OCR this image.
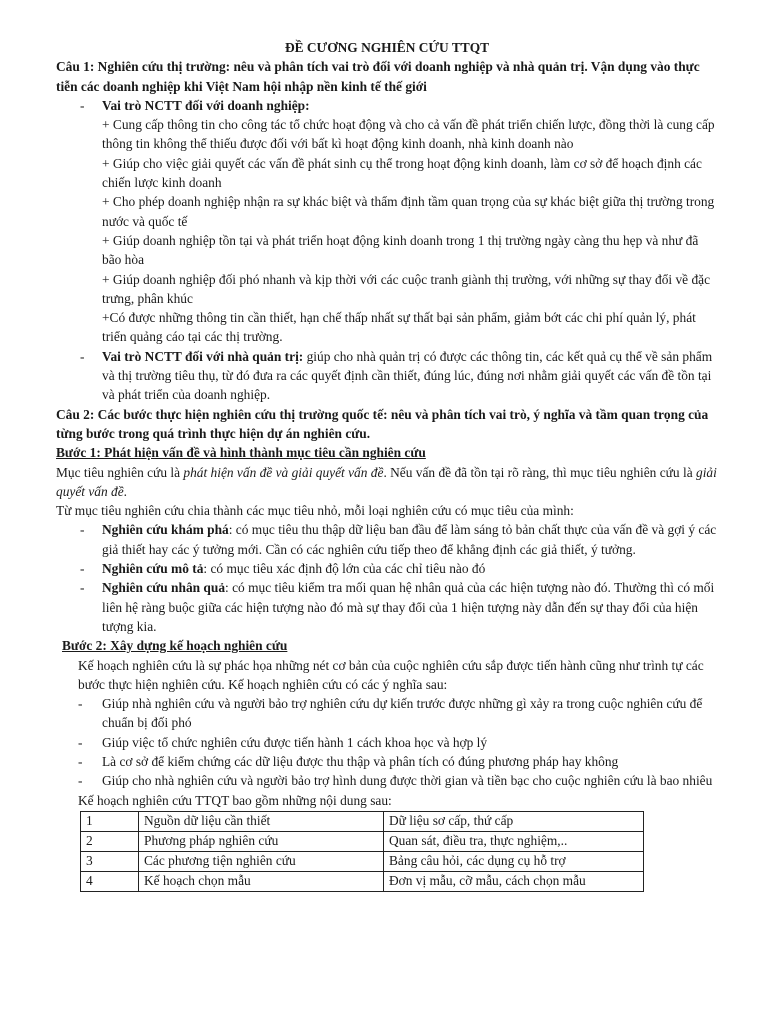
ĐỀ CƯƠNG NGHIÊN CỨU TTQT

Câu 1: Nghiên cứu thị trường: nêu và phân tích vai trò đối với doanh nghiệp và nhà quản trị. Vận dụng vào thực tiễn các doanh nghiệp khi Việt Nam hội nhập nền kinh tế thế giới

- Vai trò NCTT đối với doanh nghiệp:

+ Cung cấp thông tin cho công tác tổ chức hoạt động và cho cả vấn đề phát triển chiến lược, đồng thời là cung cấp thông tin không thể thiếu được đối với bất kì hoạt động kinh doanh, nhà kinh doanh nào

+ Giúp cho việc giải quyết các vấn đề phát sinh cụ thể trong hoạt động kinh doanh, làm cơ sở để hoạch định các chiến lược kinh doanh

+ Cho phép doanh nghiệp nhận ra sự khác biệt và thẩm định tầm quan trọng của sự khác biệt giữa thị trường trong nước và quốc tế

+ Giúp doanh nghiệp tồn tại và phát triển hoạt động kinh doanh trong 1 thị trường ngày càng thu hẹp và như đã bão hòa

+ Giúp doanh nghiệp đối phó nhanh và kịp thời với các cuộc tranh giành thị trường, với những sự thay đổi về đặc trưng, phân khúc

+Có được những thông tin cần thiết, hạn chế thấp nhất sự thất bại sản phẩm, giảm bớt các chi phí quản lý, phát triển quảng cáo tại các thị trường.

- Vai trò NCTT đối với nhà quản trị: giúp cho nhà quản trị có được các thông tin, các kết quả cụ thể về sản phẩm và thị trường tiêu thụ, từ đó đưa ra các quyết định cần thiết, đúng lúc, đúng nơi nhằm giải quyết các vấn đề tồn tại và phát triển của doanh nghiệp.

Câu 2: Các bước thực hiện nghiên cứu thị trường quốc tế: nêu và phân tích vai trò, ý nghĩa và tầm quan trọng của từng bước trong quá trình thực hiện dự án nghiên cứu.

Bước 1: Phát hiện vấn đề và hình thành mục tiêu cần nghiên cứu

Mục tiêu nghiên cứu là phát hiện vấn đề và giải quyết vấn đề. Nếu vấn đề đã tồn tại rõ ràng, thì mục tiêu nghiên cứu là giải quyết vấn đề.

Từ mục tiêu nghiên cứu chia thành các mục tiêu nhỏ, mỗi loại nghiên cứu có mục tiêu của mình:

- Nghiên cứu khám phá: có mục tiêu thu thập dữ liệu ban đầu để làm sáng tỏ bản chất thực của vấn đề và gợi ý các giả thiết hay các ý tưởng mới. Cần có các nghiên cứu tiếp theo để khẳng định các giả thiết, ý tưởng.
- Nghiên cứu mô tả: có mục tiêu xác định độ lớn của các chỉ tiêu nào đó
- Nghiên cứu nhân quả: có mục tiêu kiểm tra mối quan hệ nhân quả của các hiện tượng nào đó. Thường thì có mối liên hệ ràng buộc giữa các hiện tượng nào đó mà sự thay đổi của 1 hiện tượng này dẫn đến sự thay đổi của hiện tượng kia.

Bước 2: Xây dựng kế hoạch nghiên cứu

Kế hoạch nghiên cứu là sự phác họa những nét cơ bản của cuộc nghiên cứu sắp được tiến hành cũng như trình tự các bước thực hiện nghiên cứu. Kế hoạch nghiên cứu có các ý nghĩa sau:

- Giúp nhà nghiên cứu và người bảo trợ nghiên cứu dự kiến trước được những gì xảy ra trong cuộc nghiên cứu để chuẩn bị đối phó
- Giúp việc tổ chức nghiên cứu được tiến hành 1 cách khoa học và hợp lý
- Là cơ sở để kiểm chứng các dữ liệu được thu thập và phân tích có đúng phương pháp hay không
- Giúp cho nhà nghiên cứu và người bảo trợ hình dung được thời gian và tiền bạc cho cuộc nghiên cứu là bao nhiêu

Kế hoạch nghiên cứu TTQT bao gồm những nội dung sau:

1	Nguồn dữ liệu cần thiết	Dữ liệu sơ cấp, thứ cấp
2	Phương pháp nghiên cứu	Quan sát, điều tra, thực nghiệm,..
3	Các phương tiện nghiên cứu	Bảng câu hỏi, các dụng cụ hỗ trợ
4	Kế hoạch chọn mẫu	Đơn vị mẫu, cỡ mẫu, cách chọn mẫu
